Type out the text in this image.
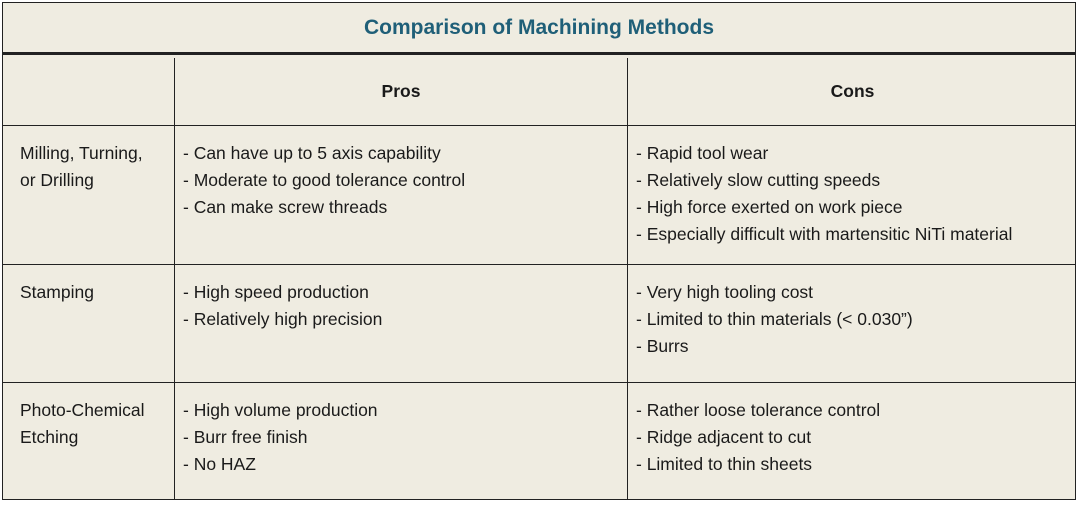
Comparison of Machining Methods
Pros	Cons
Milling, Turning,
or Drilling
- Can have up to 5 axis capability
- Moderate to good tolerance control
- Can make screw threads
- Rapid tool wear
- Relatively slow cutting speeds
- High force exerted on work piece
- Especially difficult with martensitic NiTi material
Stamping	- High speed production
- Relatively high precision
- Very high tooling cost
- Limited to thin materials (< 0.030”)
- Burrs
Photo-Chemical
Etching
- High volume production
- Burr free finish
- No HAZ
- Rather loose tolerance control
- Ridge adjacent to cut
- Limited to thin sheets
